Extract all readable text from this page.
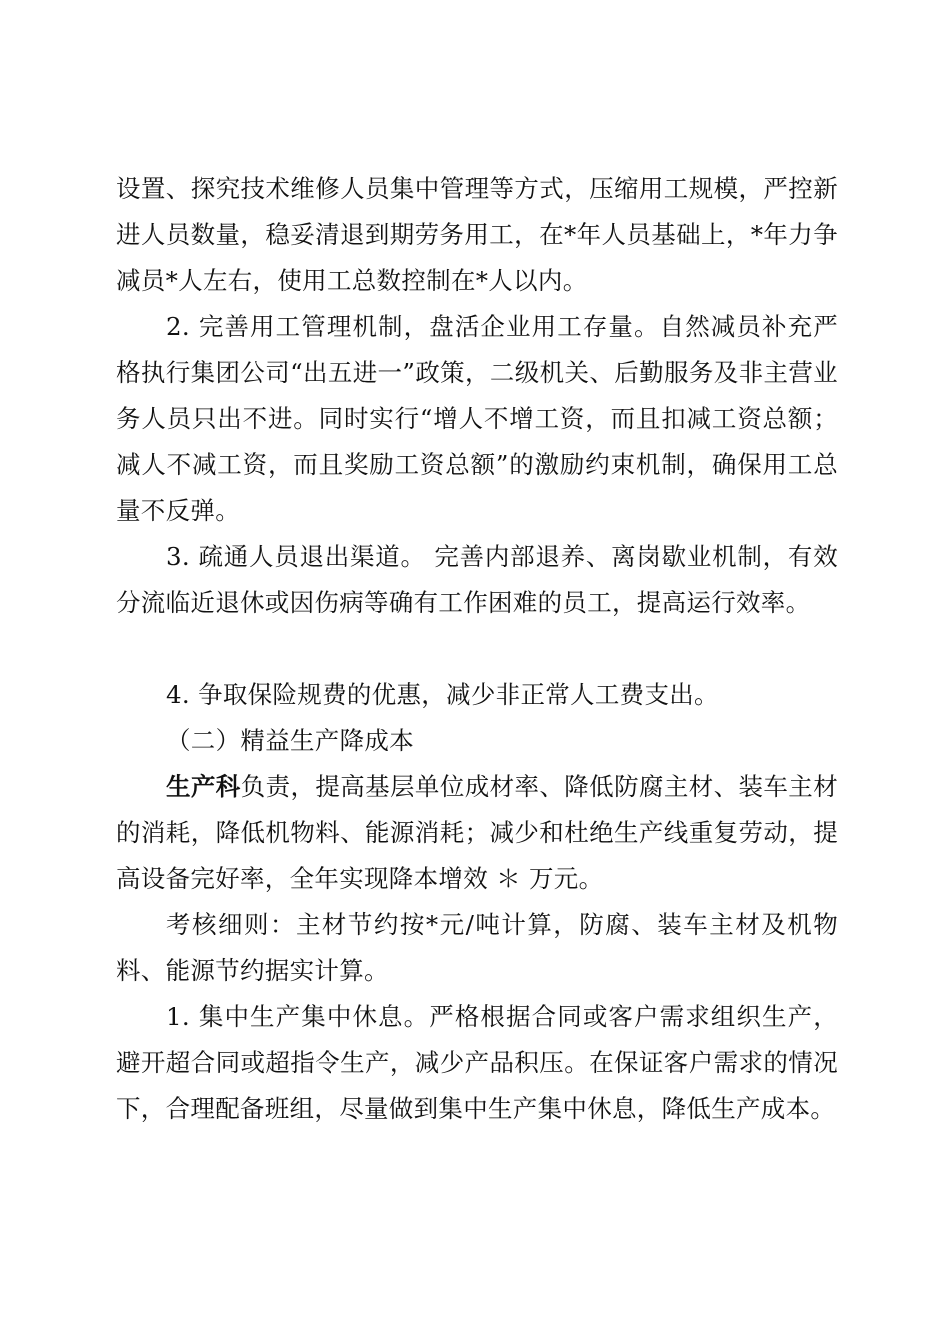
设置、探究技术维修人员集中管理等方式，压缩用工规模，严控新进人员数量，稳妥清退到期劳务用工，在*年人员基础上，*年力争减员*人左右，使用工总数控制在*人以内。

2. 完善用工管理机制，盘活企业用工存量。自然减员补充严格执行集团公司“出五进一”政策，二级机关、后勤服务及非主营业务人员只出不进。同时实行“增人不增工资，而且扣减工资总额；减人不减工资，而且奖励工资总额”的激励约束机制，确保用工总量不反弹。

3. 疏通人员退出渠道。 完善内部退养、离岗歇业机制，有效分流临近退休或因伤病等确有工作困难的员工，提高运行效率。

4. 争取保险规费的优惠，减少非正常人工费支出。

（二）精益生产降成本

生产科负责，提高基层单位成材率、降低防腐主材、装车主材的消耗，降低机物料、能源消耗；减少和杜绝生产线重复劳动，提高设备完好率，全年实现降本增效 ＊ 万元。

考核细则：主材节约按*元/吨计算，防腐、装车主材及机物料、能源节约据实计算。

1. 集中生产集中休息。严格根据合同或客户需求组织生产，避开超合同或超指令生产，减少产品积压。在保证客户需求的情况下，合理配备班组，尽量做到集中生产集中休息，降低生产成本。
